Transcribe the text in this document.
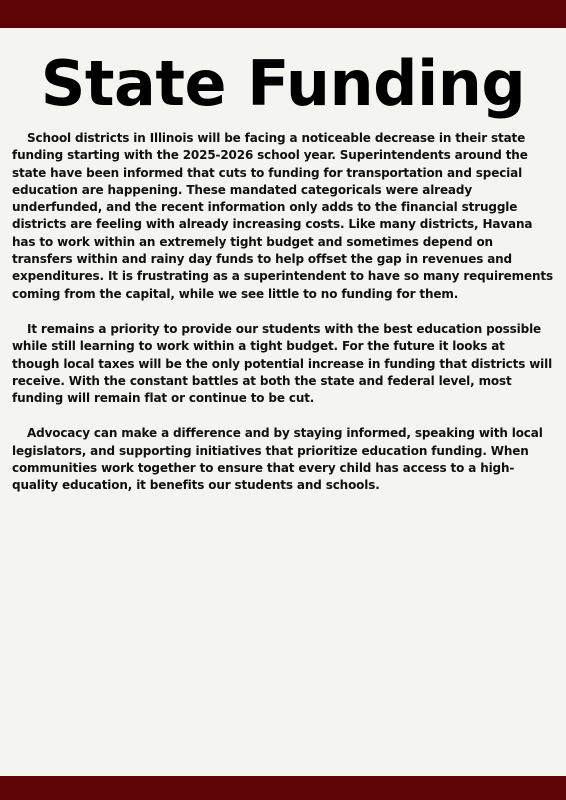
State Funding

School districts in Illinois will be facing a noticeable decrease in their state funding starting with the 2025-2026 school year. Superintendents around the state have been informed that cuts to funding for transportation and special education are happening. These mandated categoricals were already underfunded, and the recent information only adds to the financial struggle districts are feeling with already increasing costs. Like many districts, Havana has to work within an extremely tight budget and sometimes depend on transfers within and rainy day funds to help offset the gap in revenues and expenditures. It is frustrating as a superintendent to have so many requirements coming from the capital, while we see little to no funding for them.

It remains a priority to provide our students with the best education possible while still learning to work within a tight budget. For the future it looks at though local taxes will be the only potential increase in funding that districts will receive. With the constant battles at both the state and federal level, most funding will remain flat or continue to be cut.

Advocacy can make a difference and by staying informed, speaking with local legislators, and supporting initiatives that prioritize education funding. When communities work together to ensure that every child has access to a high-quality education, it benefits our students and schools.
